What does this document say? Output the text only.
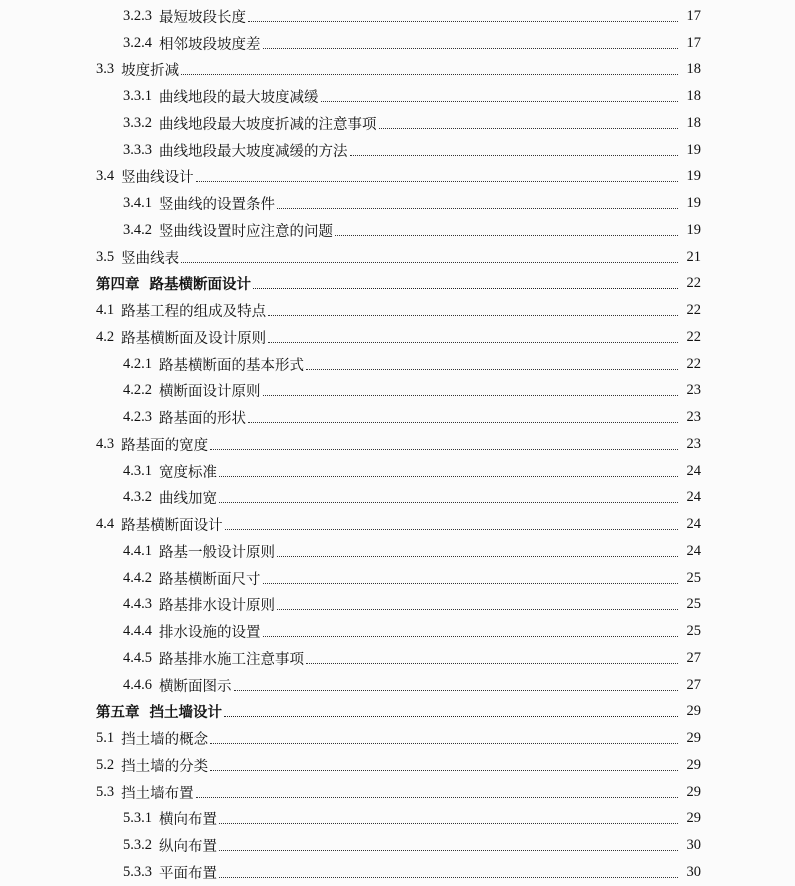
3.2.3 最短坡段长度	17
3.2.4 相邻坡段坡度差	17
3.3 坡度折减	18
3.3.1 曲线地段的最大坡度减缓	18
3.3.2 曲线地段最大坡度折减的注意事项	18
3.3.3 曲线地段最大坡度减缓的方法	19
3.4 竖曲线设计	19
3.4.1 竖曲线的设置条件	19
3.4.2 竖曲线设置时应注意的问题	19
3.5 竖曲线表	21
第四章 路基横断面设计	22
4.1 路基工程的组成及特点	22
4.2 路基横断面及设计原则	22
4.2.1 路基横断面的基本形式	22
4.2.2 横断面设计原则	23
4.2.3 路基面的形状	23
4.3 路基面的宽度	23
4.3.1 宽度标准	24
4.3.2 曲线加宽	24
4.4 路基横断面设计	24
4.4.1 路基一般设计原则	24
4.4.2 路基横断面尺寸	25
4.4.3 路基排水设计原则	25
4.4.4 排水设施的设置	25
4.4.5 路基排水施工注意事项	27
4.4.6 横断面图示	27
第五章 挡土墙设计	29
5.1 挡土墙的概念	29
5.2 挡土墙的分类	29
5.3 挡土墙布置	29
5.3.1 横向布置	29
5.3.2 纵向布置	30
5.3.3 平面布置	30
